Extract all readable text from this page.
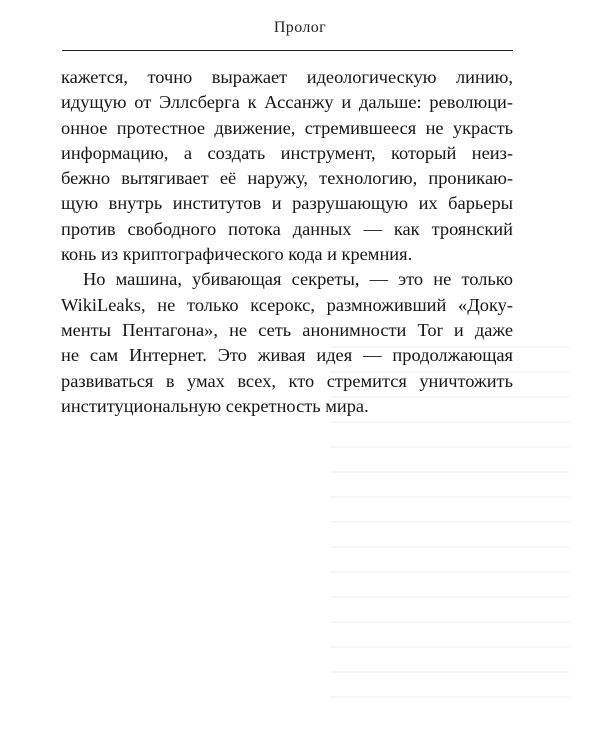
Пролог
кажется, точно выражает идеологическую линию,
идущую от Эллсберга к Ассанжу и дальше: революци-
онное протестное движение, стремившееся не украсть
информацию, а создать инструмент, который неиз-
бежно вытягивает её наружу, технологию, проникаю-
щую внутрь институтов и разрушающую их барьеры
против свободного потока данных — как троянский
конь из криптографического кода и кремния.
Но машина, убивающая секреты, — это не только
WikiLeaks, не только ксерокс, размноживший «Доку-
менты Пентагона», не сеть анонимности Tor и даже
не сам Интернет. Это живая идея — продолжающая
развиваться в умах всех, кто стремится уничтожить
институциональную секретность мира.
